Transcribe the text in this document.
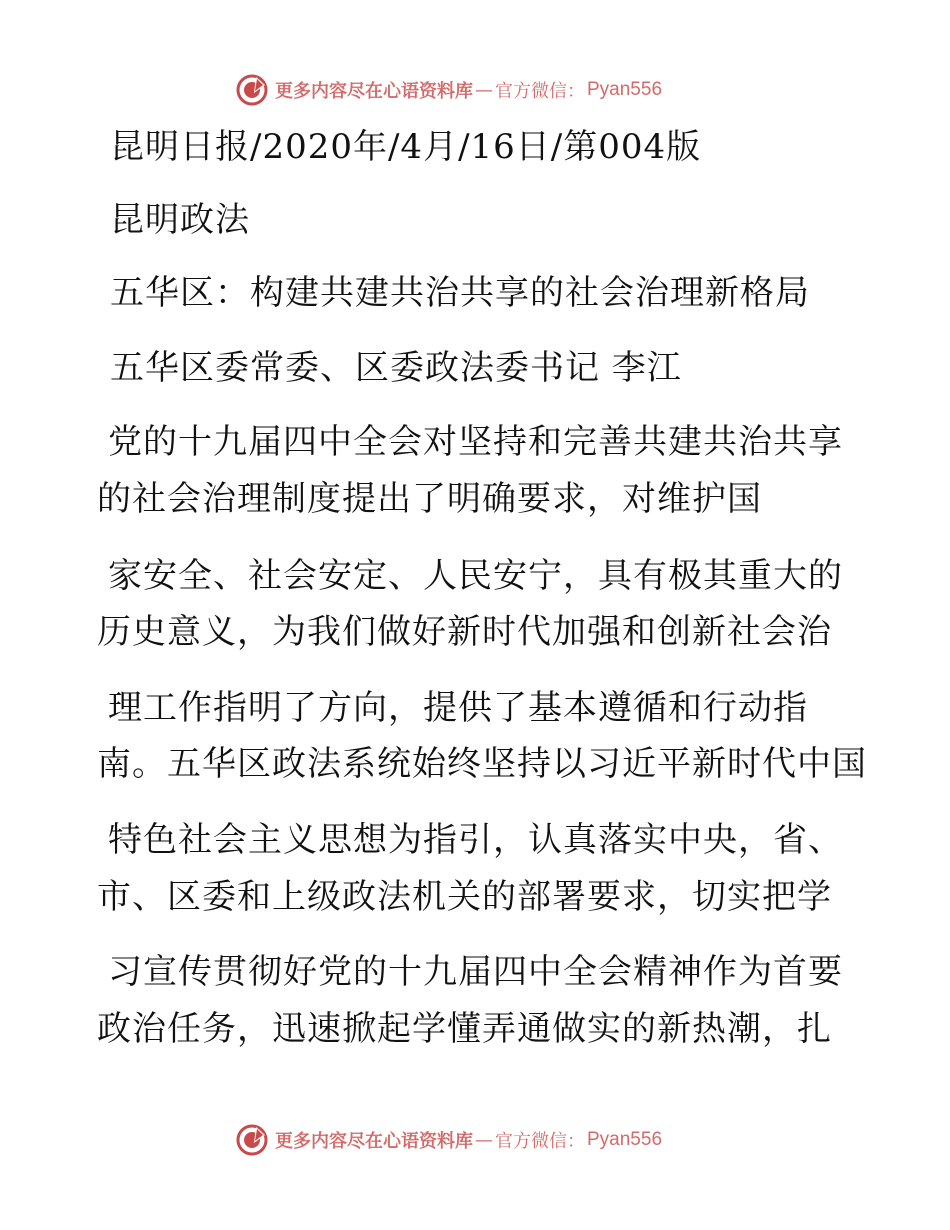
更多内容尽在心语资料库 — 官方微信： Pyan556
昆明日报/2020年/4月/16日/第004版
昆明政法
五华区：构建共建共治共享的社会治理新格局
五华区委常委、区委政法委书记 李江
党的十九届四中全会对坚持和完善共建共治共享
的社会治理制度提出了明确要求，对维护国
家安全、社会安定、人民安宁，具有极其重大的
历史意义，为我们做好新时代加强和创新社会治
理工作指明了方向，提供了基本遵循和行动指
南。五华区政法系统始终坚持以习近平新时代中国
特色社会主义思想为指引，认真落实中央，省、
市、区委和上级政法机关的部署要求，切实把学
习宣传贯彻好党的十九届四中全会精神作为首要
政治任务，迅速掀起学懂弄通做实的新热潮，扎
更多内容尽在心语资料库 — 官方微信： Pyan556
